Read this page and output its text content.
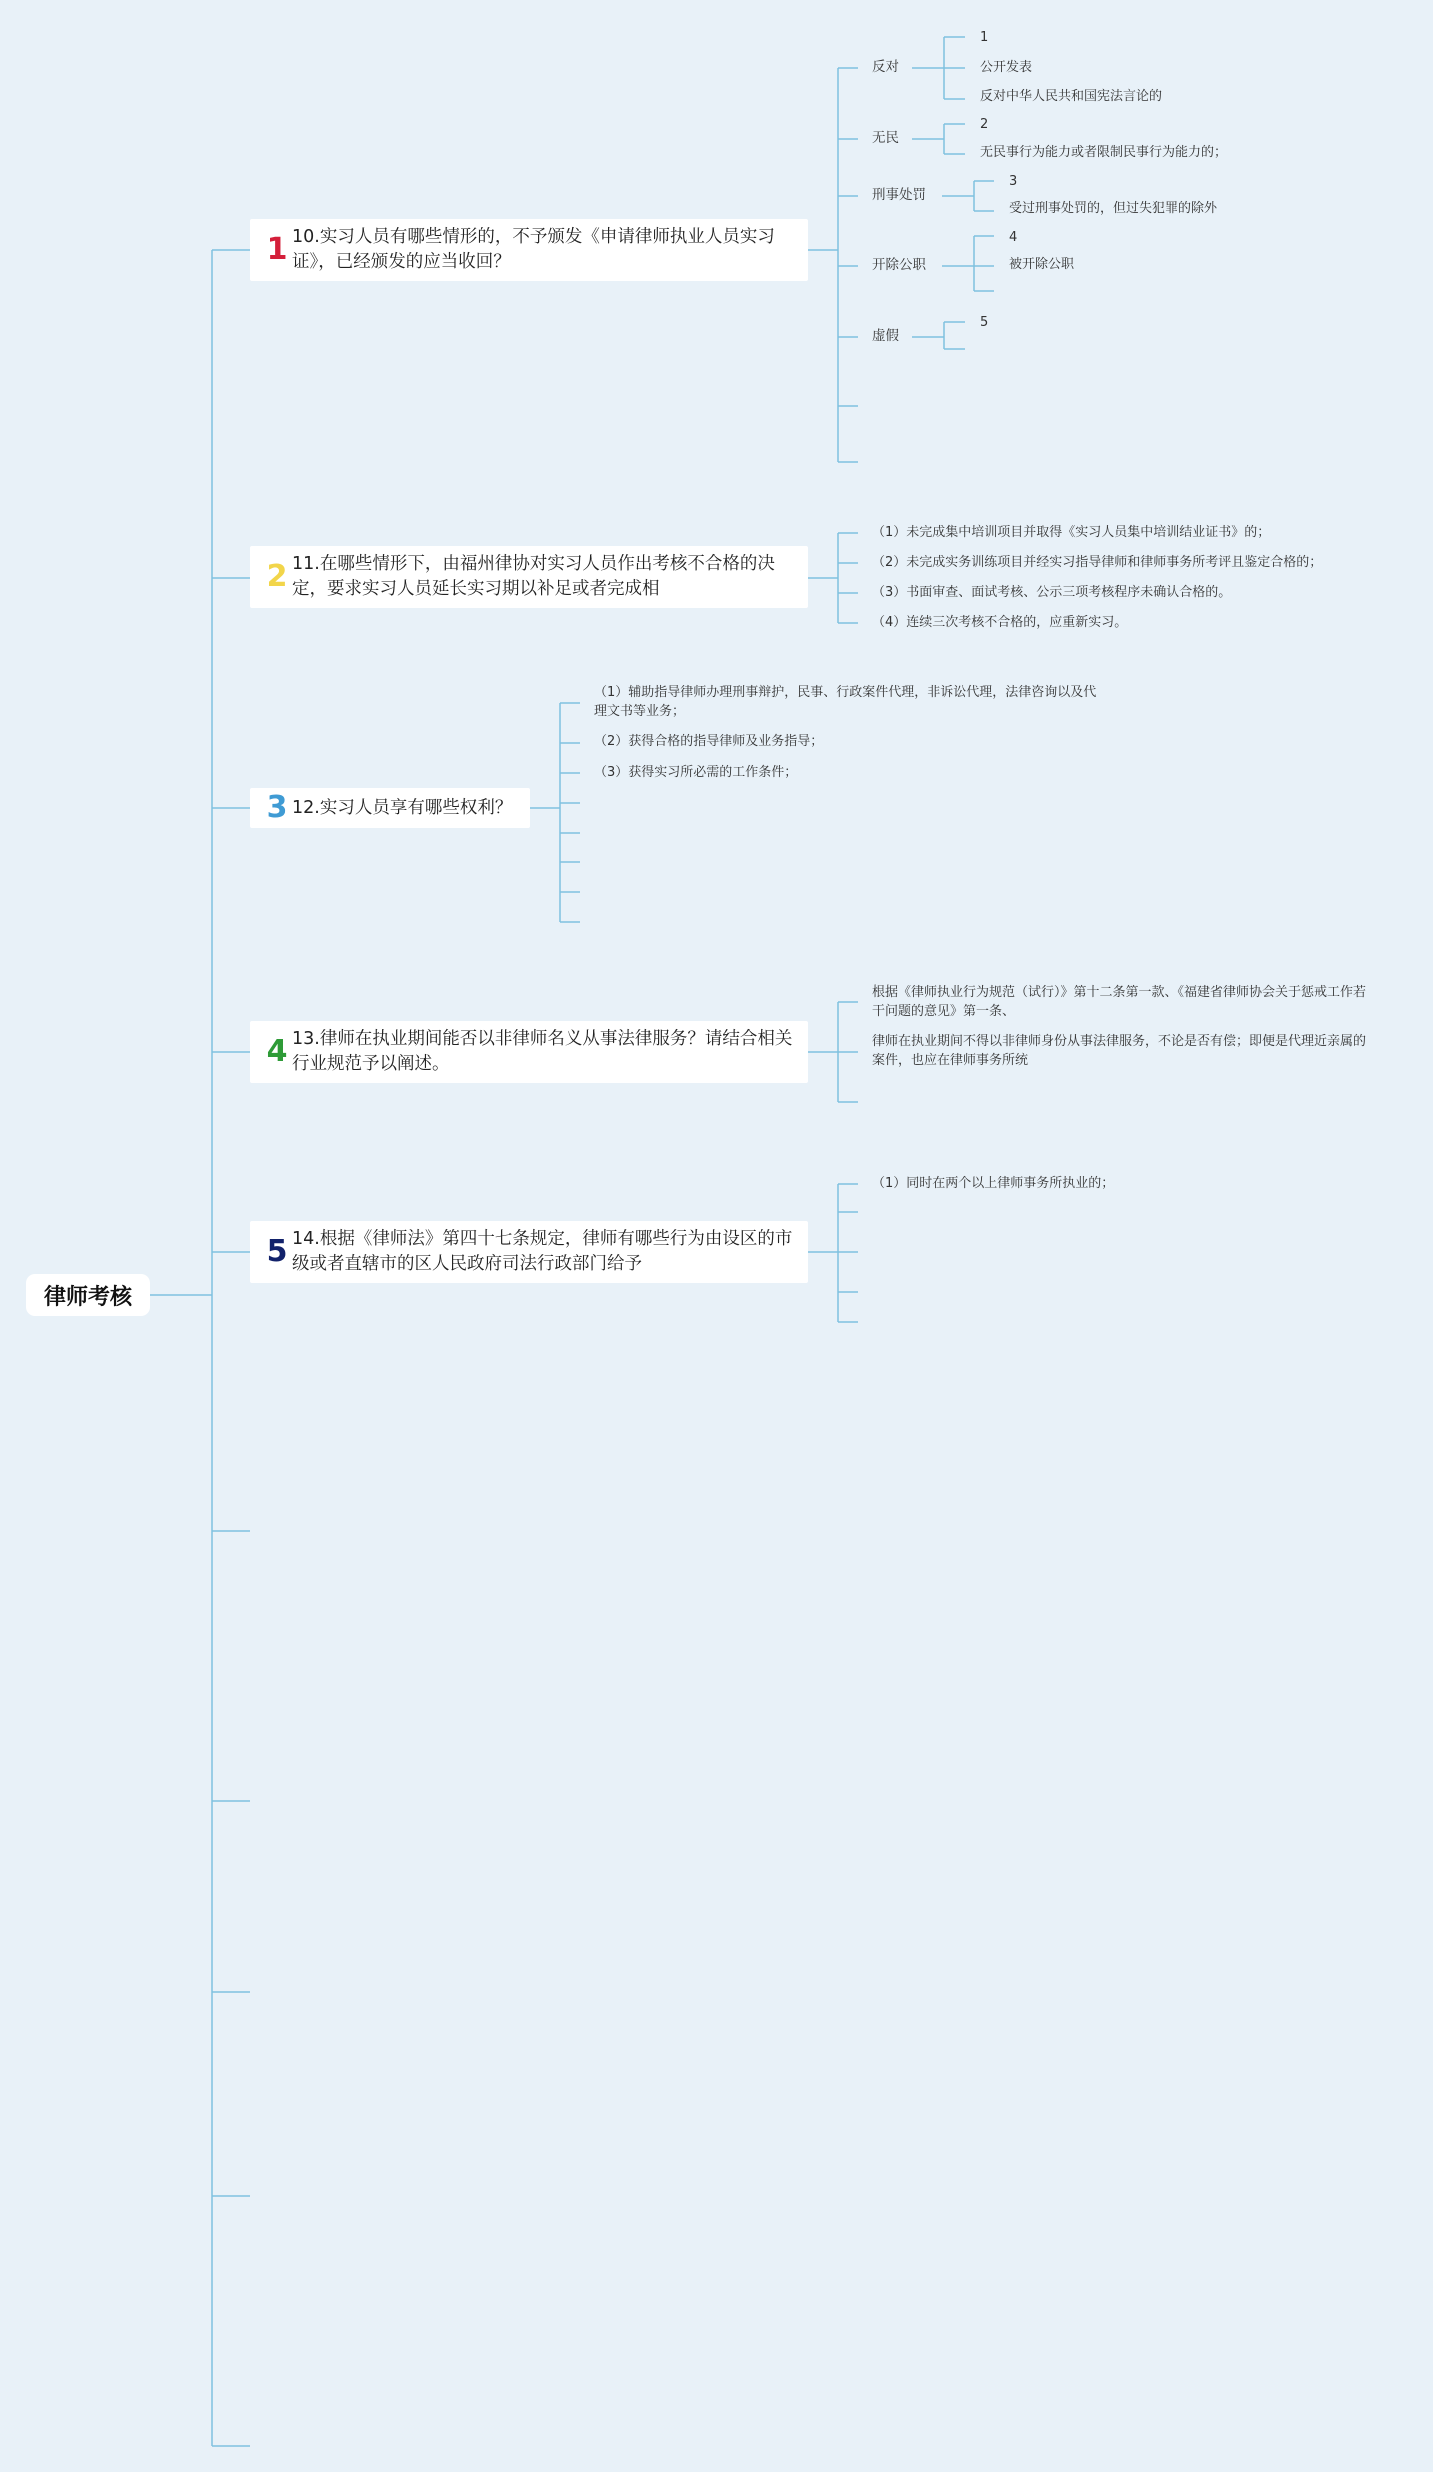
律师考核
1 10.实习人员有哪些情形的，不予颁发《申请律师执业人员实习证》，已经颁发的应当收回？
反对
1
公开发表
反对中华人民共和国宪法言论的
无民
2
无民事行为能力或者限制民事行为能力的；
刑事处罚
3
受过刑事处罚的，但过失犯罪的除外
开除公职
4
被开除公职
虚假
5
2 11.在哪些情形下，由福州律协对实习人员作出考核不合格的决定，要求实习人员延长实习期以补足或者完成相
（1）未完成集中培训项目并取得《实习人员集中培训结业证书》的；
（2）未完成实务训练项目并经实习指导律师和律师事务所考评且鉴定合格的；
（3）书面审查、面试考核、公示三项考核程序未确认合格的。
（4）连续三次考核不合格的，应重新实习。
3 12.实习人员享有哪些权利？
（1）辅助指导律师办理刑事辩护，民事、行政案件代理，非诉讼代理，法律咨询以及代理文书等业务；
（2）获得合格的指导律师及业务指导；
（3）获得实习所必需的工作条件；
4 13.律师在执业期间能否以非律师名义从事法律服务？请结合相关行业规范予以阐述。
根据《律师执业行为规范（试行）》第十二条第一款、《福建省律师协会关于惩戒工作若干问题的意见》第一条、
律师在执业期间不得以非律师身份从事法律服务，不论是否有偿；即便是代理近亲属的案件，也应在律师事务所统
5 14.根据《律师法》第四十七条规定，律师有哪些行为由设区的市级或者直辖市的区人民政府司法行政部门给予
（1）同时在两个以上律师事务所执业的；
